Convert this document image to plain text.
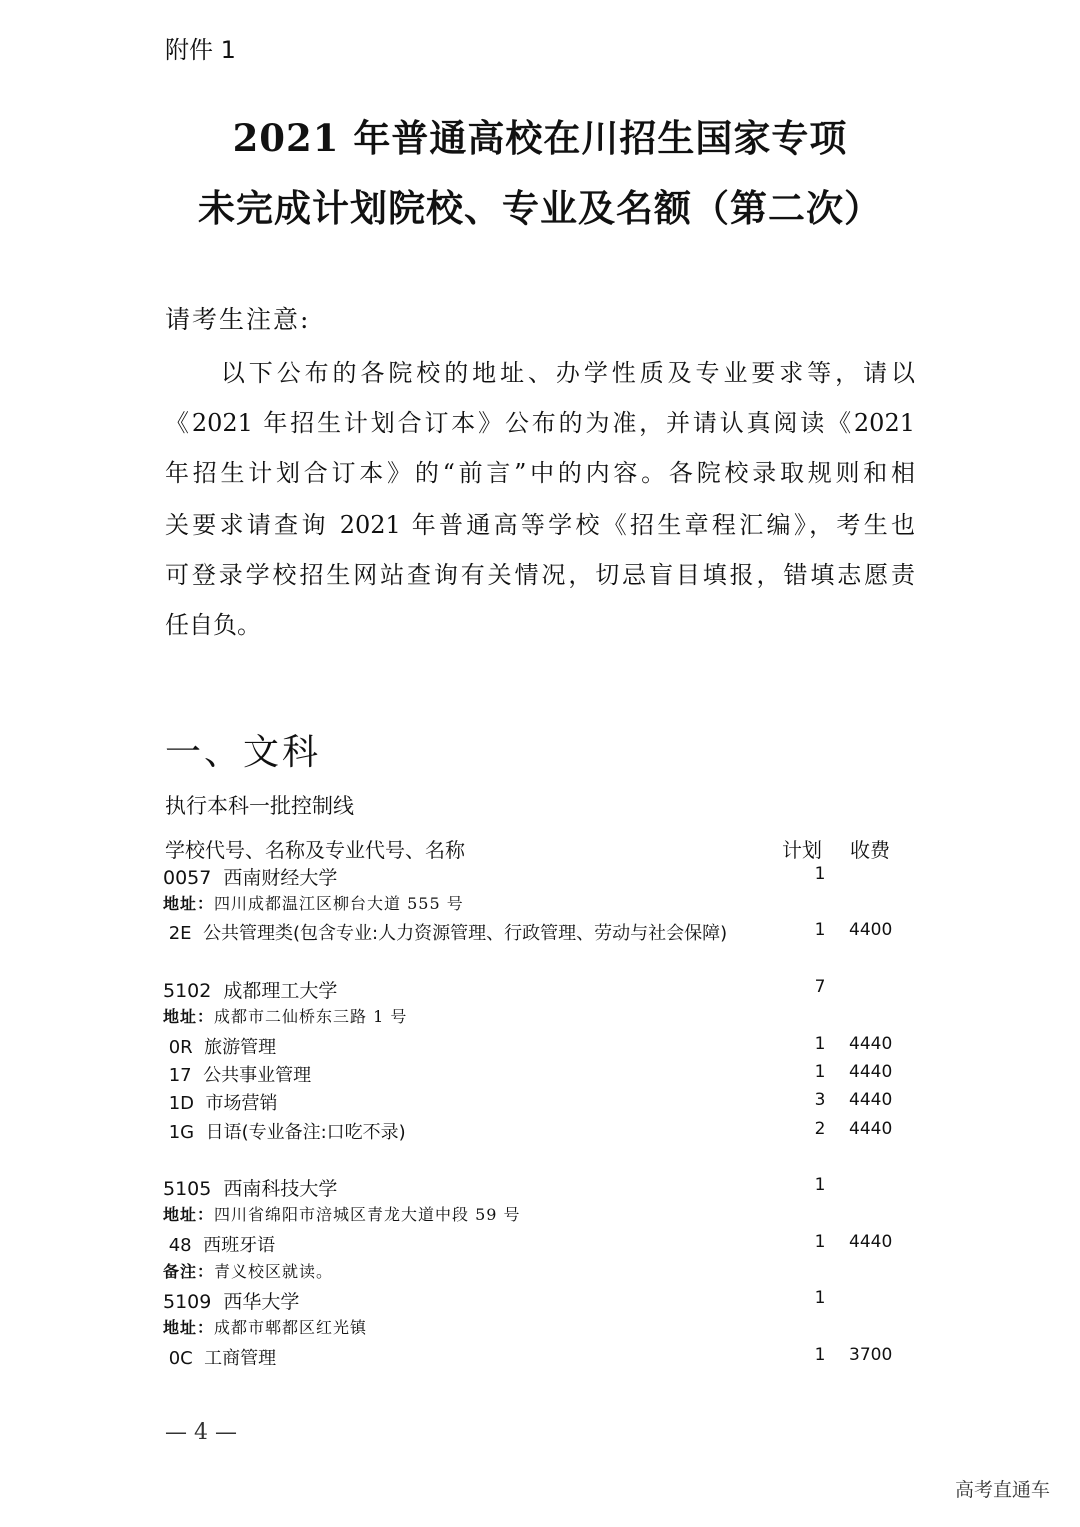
附件 1
2021 年普通高校在川招生国家专项
未完成计划院校、专业及名额（第二次）
请考生注意:
　　以下公布的各院校的地址、办学性质及专业要求等，请以
《2021 年招生计划合订本》公布的为准，并请认真阅读《2021
年招生计划合订本》的“前言”中的内容。各院校录取规则和相
关要求请查询 2021 年普通高等学校《招生章程汇编》，考生也
可登录学校招生网站查询有关情况，切忌盲目填报，错填志愿责
任自负。
一、文科
执行本科一批控制线
学校代号、名称及专业代号、名称	计划 收费
0057  西南财经大学	1
地址：四川成都温江区柳台大道 555 号
2E  公共管理类(包含专业:人力资源管理、行政管理、劳动与社会保障)	1	4400
5102  成都理工大学	7
地址：成都市二仙桥东三路 1 号
0R  旅游管理	1	4440
17  公共事业管理	1	4440
1D  市场营销	3	4440
1G  日语(专业备注:口吃不录)	2	4440
5105  西南科技大学	1
地址：四川省绵阳市涪城区青龙大道中段 59 号
48  西班牙语	1	4440
备注：青义校区就读。
5109  西华大学	1
地址：成都市郫都区红光镇
0C  工商管理	1	3700
— 4 —
高考直通车
